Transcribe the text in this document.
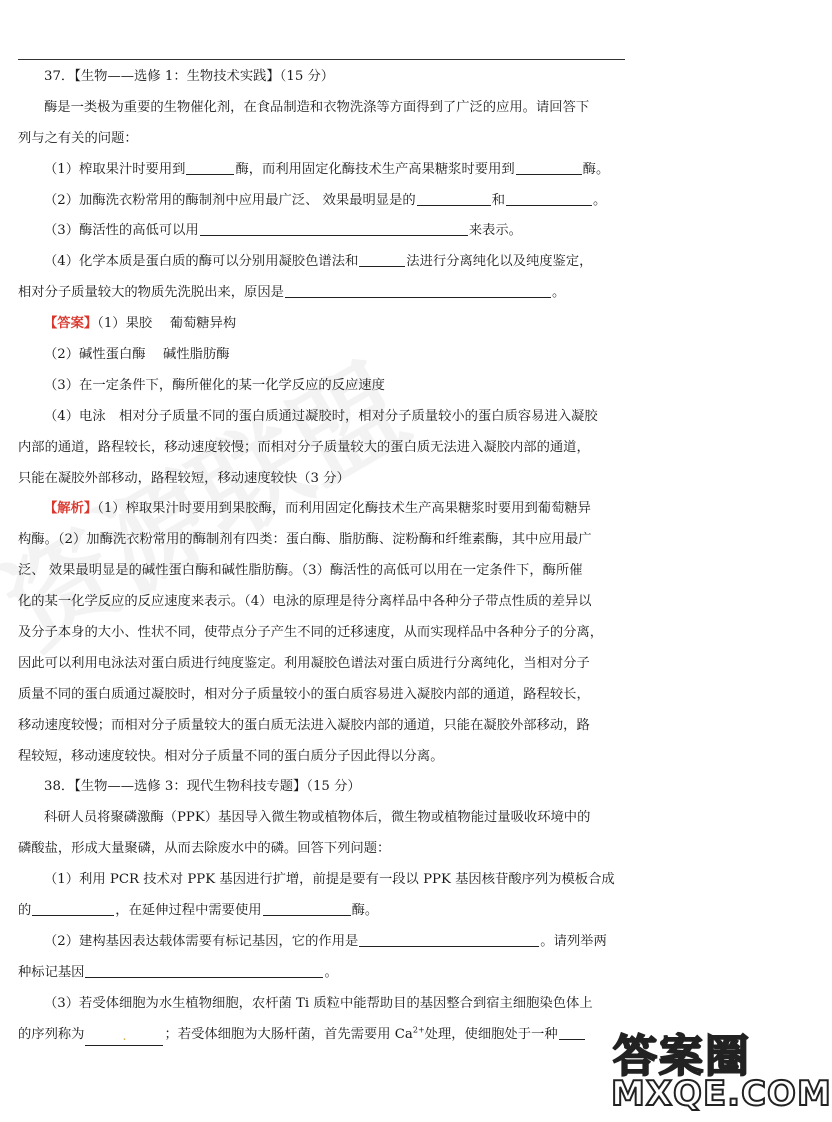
37．【生物——选修 1：生物技术实践】（15 分）
酶是一类极为重要的生物催化剂，在食品制造和衣物洗涤等方面得到了广泛的应用。请回答下
列与之有关的问题：
（1）榨取果汁时要用到	酶，而利用固定化酶技术生产高果糖浆时要用到	酶。
（2）加酶洗衣粉常用的酶制剂中应用最广泛、 效果最明显是的	和	。
（3）酶活性的高低可以用	来表示。
（4）化学本质是蛋白质的酶可以分别用凝胶色谱法和	法进行分离纯化以及纯度鉴定，
相对分子质量较大的物质先洗脱出来，原因是	。
【答案】（1）果胶 　葡萄糖异构
（2）碱性蛋白酶　 碱性脂肪酶
（3）在一定条件下，酶所催化的某一化学反应的反应速度
（4）电泳　相对分子质量不同的蛋白质通过凝胶时，相对分子质量较小的蛋白质容易进入凝胶
内部的通道，路程较长，移动速度较慢；而相对分子质量较大的蛋白质无法进入凝胶内部的通道，
只能在凝胶外部移动，路程较短，移动速度较快（3 分）
【解析】（1）榨取果汁时要用到果胶酶，而利用固定化酶技术生产高果糖浆时要用到葡萄糖异
构酶。（2）加酶洗衣粉常用的酶制剂有四类：蛋白酶、脂肪酶、淀粉酶和纤维素酶，其中应用最广
泛、 效果最明显是的碱性蛋白酶和碱性脂肪酶。（3）酶活性的高低可以用在一定条件下，酶所催
化的某一化学反应的反应速度来表示。（4）电泳的原理是待分离样品中各种分子带点性质的差异以
及分子本身的大小、性状不同，使带点分子产生不同的迁移速度，从而实现样品中各种分子的分离，
因此可以利用电泳法对蛋白质进行纯度鉴定。利用凝胶色谱法对蛋白质进行分离纯化，当相对分子
质量不同的蛋白质通过凝胶时，相对分子质量较小的蛋白质容易进入凝胶内部的通道，路程较长，
移动速度较慢；而相对分子质量较大的蛋白质无法进入凝胶内部的通道，只能在凝胶外部移动，路
程较短，移动速度较快。相对分子质量不同的蛋白质分子因此得以分离。
38．【生物——选修 3：现代生物科技专题】（15 分）
科研人员将聚磷激酶（PPK）基因导入微生物或植物体后，微生物或植物能过量吸收环境中的
磷酸盐，形成大量聚磷，从而去除废水中的磷。回答下列问题：
（1）利用 PCR 技术对 PPK 基因进行扩增，前提是要有一段以 PPK 基因核苷酸序列为模板合成
的	，在延伸过程中需要使用	酶。
（2）建构基因表达载体需要有标记基因，它的作用是	。请列举两
种标记基因	。
（3）若受体细胞为水生植物细胞，农杆菌 Ti 质粒中能帮助目的基因整合到宿主细胞染色体上
的序列称为	.	；若受体细胞为大肠杆菌，首先需要用 $Ca^{2+}$处理，使细胞处于一种	答案圈
MXQE.COM
